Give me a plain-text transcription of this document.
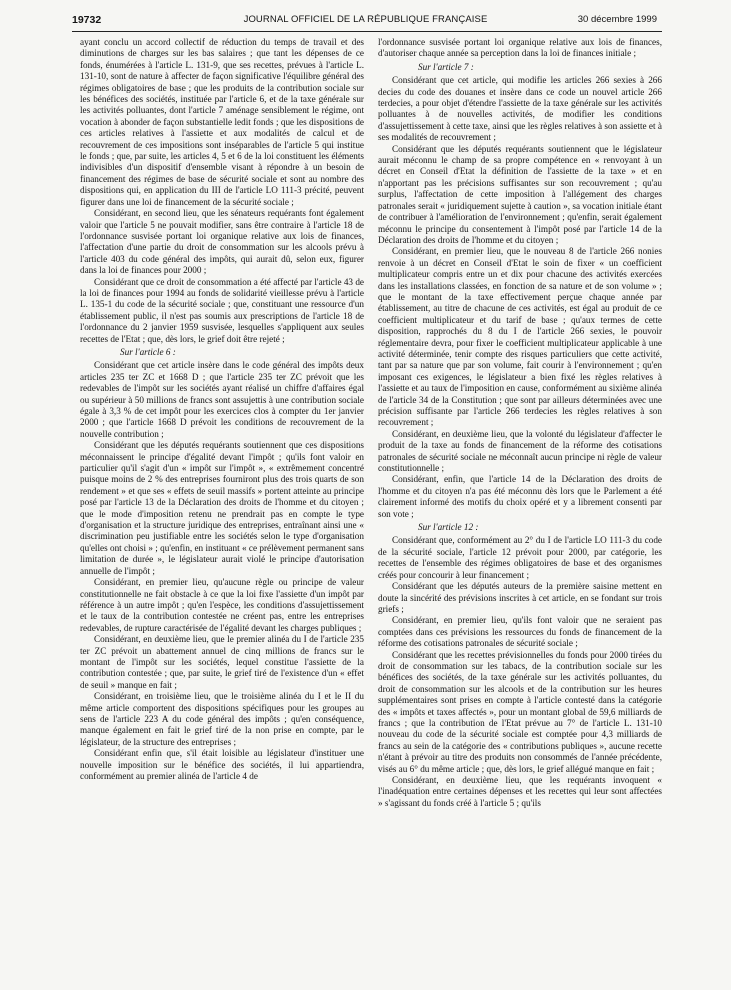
19732	JOURNAL OFFICIEL DE LA RÉPUBLIQUE FRANÇAISE	30 décembre 1999

ayant conclu un accord collectif de réduction du temps de travail et des diminutions de charges sur les bas salaires ; que tant les dépenses de ce fonds, énumérées à l'article L. 131-9, que ses recettes, prévues à l'article L. 131-10, sont de nature à affecter de façon significative l'équilibre général des régimes obligatoires de base ; que les produits de la contribution sociale sur les bénéfices des sociétés, instituée par l'article 6, et de la taxe générale sur les activités polluantes, dont l'article 7 aménage sensiblement le régime, ont vocation à abonder de façon substantielle ledit fonds ; que les dispositions de ces articles relatives à l'assiette et aux modalités de calcul et de recouvrement de ces impositions sont inséparables de l'article 5 qui institue le fonds ; que, par suite, les articles 4, 5 et 6 de la loi constituent les éléments indivisibles d'un dispositif d'ensemble visant à répondre à un besoin de financement des régimes de base de sécurité sociale et sont au nombre des dispositions qui, en application du III de l'article LO 111-3 précité, peuvent figurer dans une loi de financement de la sécurité sociale ;

Considérant, en second lieu, que les sénateurs requérants font également valoir que l'article 5 ne pouvait modifier, sans être contraire à l'article 18 de l'ordonnance susvisée portant loi organique relative aux lois de finances, l'affectation d'une partie du droit de consommation sur les alcools prévu à l'article 403 du code général des impôts, qui aurait dû, selon eux, figurer dans la loi de finances pour 2000 ;

Considérant que ce droit de consommation a été affecté par l'article 43 de la loi de finances pour 1994 au fonds de solidarité vieillesse prévu à l'article L. 135-1 du code de la sécurité sociale ; que, constituant une ressource d'un établissement public, il n'est pas soumis aux prescriptions de l'article 18 de l'ordonnance du 2 janvier 1959 susvisée, lesquelles s'appliquent aux seules recettes de l'Etat ; que, dès lors, le grief doit être rejeté ;

Sur l'article 6 :

Considérant que cet article insère dans le code général des impôts deux articles 235 ter ZC et 1668 D ; que l'article 235 ter ZC prévoit que les redevables de l'impôt sur les sociétés ayant réalisé un chiffre d'affaires égal ou supérieur à 50 millions de francs sont assujettis à une contribution sociale égale à 3,3 % de cet impôt pour les exercices clos à compter du 1er janvier 2000 ; que l'article 1668 D prévoit les conditions de recouvrement de la nouvelle contribution ;

Considérant que les députés requérants soutiennent que ces dispositions méconnaissent le principe d'égalité devant l'impôt ; qu'ils font valoir en particulier qu'il s'agit d'un « impôt sur l'impôt », « extrêmement concentré puisque moins de 2 % des entreprises fourniront plus des trois quarts de son rendement » et que ses « effets de seuil massifs » portent atteinte au principe posé par l'article 13 de la Déclaration des droits de l'homme et du citoyen ; que le mode d'imposition retenu ne prendrait pas en compte le type d'organisation et la structure juridique des entreprises, entraînant ainsi une « discrimination peu justifiable entre les sociétés selon le type d'organisation qu'elles ont choisi » ; qu'enfin, en instituant « ce prélèvement permanent sans limitation de durée », le législateur aurait violé le principe d'autorisation annuelle de l'impôt ;

Considérant, en premier lieu, qu'aucune règle ou principe de valeur constitutionnelle ne fait obstacle à ce que la loi fixe l'assiette d'un impôt par référence à un autre impôt ; qu'en l'espèce, les conditions d'assujettissement et le taux de la contribution contestée ne créent pas, entre les entreprises redevables, de rupture caractérisée de l'égalité devant les charges publiques ;

Considérant, en deuxième lieu, que le premier alinéa du I de l'article 235 ter ZC prévoit un abattement annuel de cinq millions de francs sur le montant de l'impôt sur les sociétés, lequel constitue l'assiette de la contribution contestée ; que, par suite, le grief tiré de l'existence d'un « effet de seuil » manque en fait ;

Considérant, en troisième lieu, que le troisième alinéa du I et le II du même article comportent des dispositions spécifiques pour les groupes au sens de l'article 223 A du code général des impôts ; qu'en conséquence, manque également en fait le grief tiré de la non prise en compte, par le législateur, de la structure des entreprises ;

Considérant enfin que, s'il était loisible au législateur d'instituer une nouvelle imposition sur le bénéfice des sociétés, il lui appartiendra, conformément au premier alinéa de l'article 4 de

l'ordonnance susvisée portant loi organique relative aux lois de finances, d'autoriser chaque année sa perception dans la loi de finances initiale ;

Sur l'article 7 :

Considérant que cet article, qui modifie les articles 266 sexies à 266 decies du code des douanes et insère dans ce code un nouvel article 266 terdecies, a pour objet d'étendre l'assiette de la taxe générale sur les activités polluantes à de nouvelles activités, de modifier les conditions d'assujettissement à cette taxe, ainsi que les règles relatives à son assiette et à ses modalités de recouvrement ;

Considérant que les députés requérants soutiennent que le législateur aurait méconnu le champ de sa propre compétence en « renvoyant à un décret en Conseil d'Etat la définition de l'assiette de la taxe » et en n'apportant pas les précisions suffisantes sur son recouvrement ; qu'au surplus, l'affectation de cette imposition à l'allégement des charges patronales serait « juridiquement sujette à caution », sa vocation initiale étant de contribuer à l'amélioration de l'environnement ; qu'enfin, serait également méconnu le principe du consentement à l'impôt posé par l'article 14 de la Déclaration des droits de l'homme et du citoyen ;

Considérant, en premier lieu, que le nouveau 8 de l'article 266 nonies renvoie à un décret en Conseil d'Etat le soin de fixer « un coefficient multiplicateur compris entre un et dix pour chacune des activités exercées dans les installations classées, en fonction de sa nature et de son volume » ; que le montant de la taxe effectivement perçue chaque année par établissement, au titre de chacune de ces activités, est égal au produit de ce coefficient multiplicateur et du tarif de base ; qu'aux termes de cette disposition, rapprochés du 8 du I de l'article 266 sexies, le pouvoir réglementaire devra, pour fixer le coefficient multiplicateur applicable à une activité déterminée, tenir compte des risques particuliers que cette activité, tant par sa nature que par son volume, fait courir à l'environnement ; qu'en imposant ces exigences, le législateur a bien fixé les règles relatives à l'assiette et au taux de l'imposition en cause, conformément au sixième alinéa de l'article 34 de la Constitution ; que sont par ailleurs déterminées avec une précision suffisante par l'article 266 terdecies les règles relatives à son recouvrement ;

Considérant, en deuxième lieu, que la volonté du législateur d'affecter le produit de la taxe au fonds de financement de la réforme des cotisations patronales de sécurité sociale ne méconnaît aucun principe ni règle de valeur constitutionnelle ;

Considérant, enfin, que l'article 14 de la Déclaration des droits de l'homme et du citoyen n'a pas été méconnu dès lors que le Parlement a été clairement informé des motifs du choix opéré et y a librement consenti par son vote ;

Sur l'article 12 :

Considérant que, conformément au 2° du I de l'article LO 111-3 du code de la sécurité sociale, l'article 12 prévoit pour 2000, par catégorie, les recettes de l'ensemble des régimes obligatoires de base et des organismes créés pour concourir à leur financement ;

Considérant que les députés auteurs de la première saisine mettent en doute la sincérité des prévisions inscrites à cet article, en se fondant sur trois griefs ;

Considérant, en premier lieu, qu'ils font valoir que ne seraient pas comptées dans ces prévisions les ressources du fonds de financement de la réforme des cotisations patronales de sécurité sociale ;

Considérant que les recettes prévisionnelles du fonds pour 2000 tirées du droit de consommation sur les tabacs, de la contribution sociale sur les bénéfices des sociétés, de la taxe générale sur les activités polluantes, du droit de consommation sur les alcools et de la contribution sur les heures supplémentaires sont prises en compte à l'article contesté dans la catégorie des « impôts et taxes affectés », pour un montant global de 59,6 milliards de francs ; que la contribution de l'Etat prévue au 7° de l'article L. 131-10 nouveau du code de la sécurité sociale est comptée pour 4,3 milliards de francs au sein de la catégorie des « contributions publiques », aucune recette n'étant à prévoir au titre des produits non consommés de l'année précédente, visés au 6° du même article ; que, dès lors, le grief allégué manque en fait ;

Considérant, en deuxième lieu, que les requérants invoquent « l'inadéquation entre certaines dépenses et les recettes qui leur sont affectées » s'agissant du fonds créé à l'article 5 ; qu'ils
